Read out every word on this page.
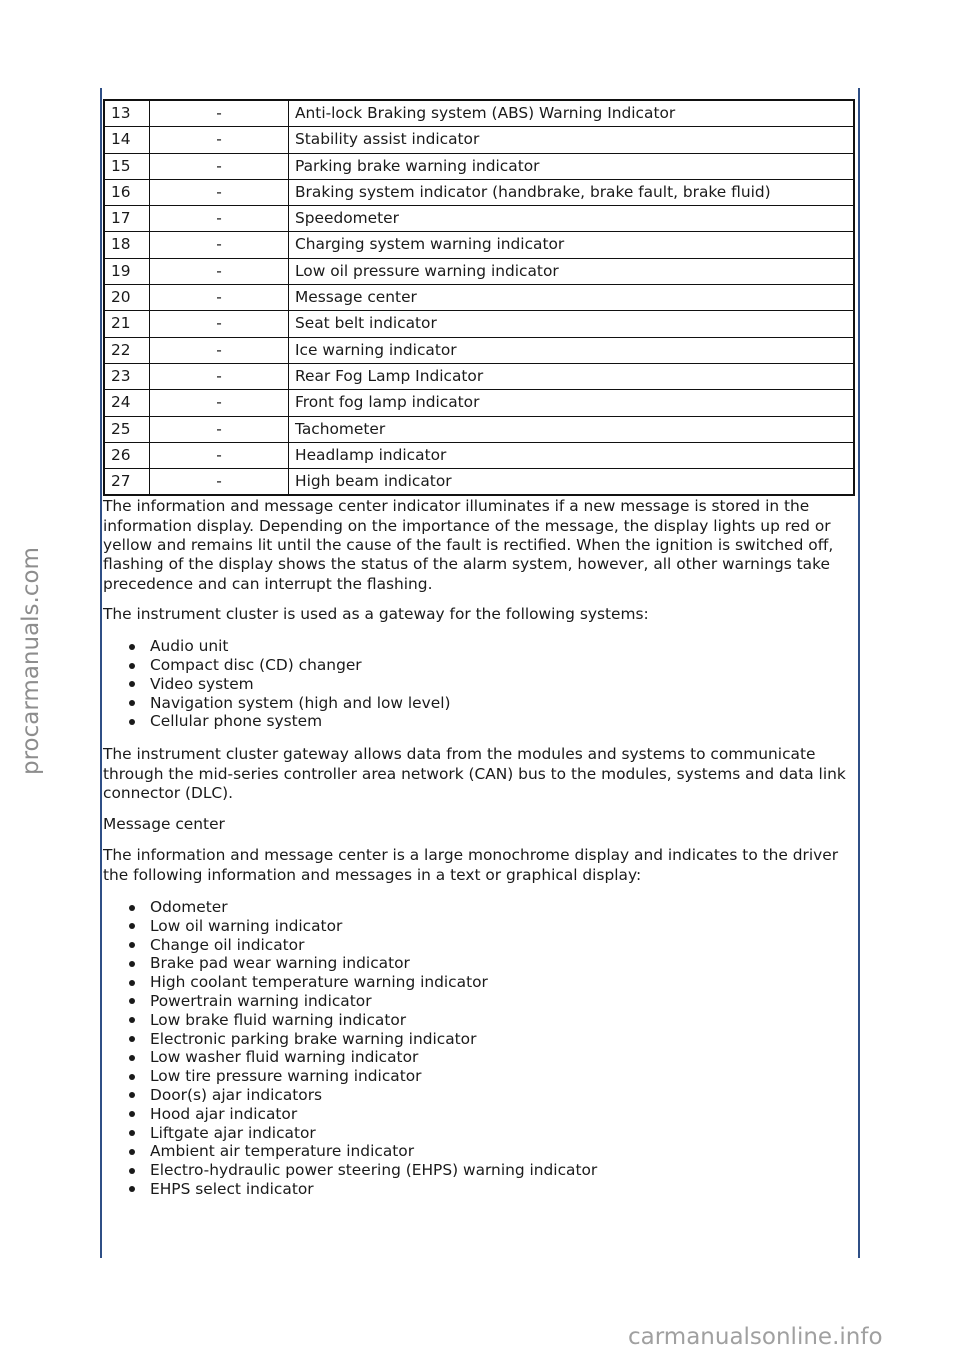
procarmanuals.com
carmanualsonline.info
13	-	Anti-lock Braking system (ABS) Warning Indicator
14	-	Stability assist indicator
15	-	Parking brake warning indicator
16	-	Braking system indicator (handbrake, brake fault, brake fluid)
17	-	Speedometer
18	-	Charging system warning indicator
19	-	Low oil pressure warning indicator
20	-	Message center
21	-	Seat belt indicator
22	-	Ice warning indicator
23	-	Rear Fog Lamp Indicator
24	-	Front fog lamp indicator
25	-	Tachometer
26	-	Headlamp indicator
27	-	High beam indicator

The information and message center indicator illuminates if a new message is stored in the information display. Depending on the importance of the message, the display lights up red or yellow and remains lit until the cause of the fault is rectified. When the ignition is switched off, flashing of the display shows the status of the alarm system, however, all other warnings take precedence and can interrupt the flashing.

The instrument cluster is used as a gateway for the following systems:

Audio unit
Compact disc (CD) changer
Video system
Navigation system (high and low level)
Cellular phone system

The instrument cluster gateway allows data from the modules and systems to communicate through the mid-series controller area network (CAN) bus to the modules, systems and data link connector (DLC).

Message center

The information and message center is a large monochrome display and indicates to the driver the following information and messages in a text or graphical display:

Odometer
Low oil warning indicator
Change oil indicator
Brake pad wear warning indicator
High coolant temperature warning indicator
Powertrain warning indicator
Low brake fluid warning indicator
Electronic parking brake warning indicator
Low washer fluid warning indicator
Low tire pressure warning indicator
Door(s) ajar indicators
Hood ajar indicator
Liftgate ajar indicator
Ambient air temperature indicator
Electro-hydraulic power steering (EHPS) warning indicator
EHPS select indicator
